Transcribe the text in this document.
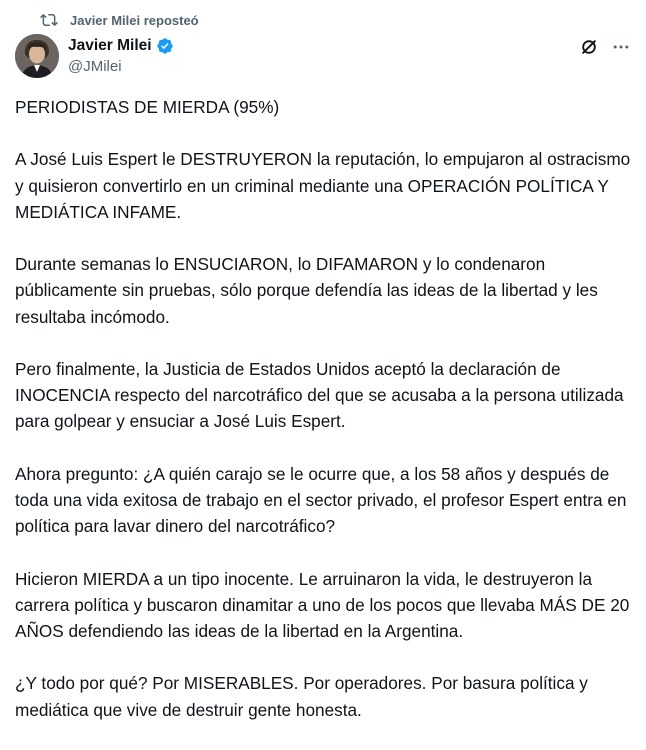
Javier Milei reposteó
Javier Milei
@JMilei

PERIODISTAS DE MIERDA (95%)

A José Luis Espert le DESTRUYERON la reputación, lo empujaron al ostracismo y quisieron convertirlo en un criminal mediante una OPERACIÓN POLÍTICA Y MEDIÁTICA INFAME.

Durante semanas lo ENSUCIARON, lo DIFAMARON y lo condenaron públicamente sin pruebas, sólo porque defendía las ideas de la libertad y les resultaba incómodo.

Pero finalmente, la Justicia de Estados Unidos aceptó la declaración de INOCENCIA respecto del narcotráfico del que se acusaba a la persona utilizada para golpear y ensuciar a José Luis Espert.

Ahora pregunto: ¿A quién carajo se le ocurre que, a los 58 años y después de toda una vida exitosa de trabajo en el sector privado, el profesor Espert entra en política para lavar dinero del narcotráfico?

Hicieron MIERDA a un tipo inocente. Le arruinaron la vida, le destruyeron la carrera política y buscaron dinamitar a uno de los pocos que llevaba MÁS DE 20 AÑOS defendiendo las ideas de la libertad en la Argentina.

¿Y todo por qué? Por MISERABLES. Por operadores. Por basura política y mediática que vive de destruir gente honesta.
